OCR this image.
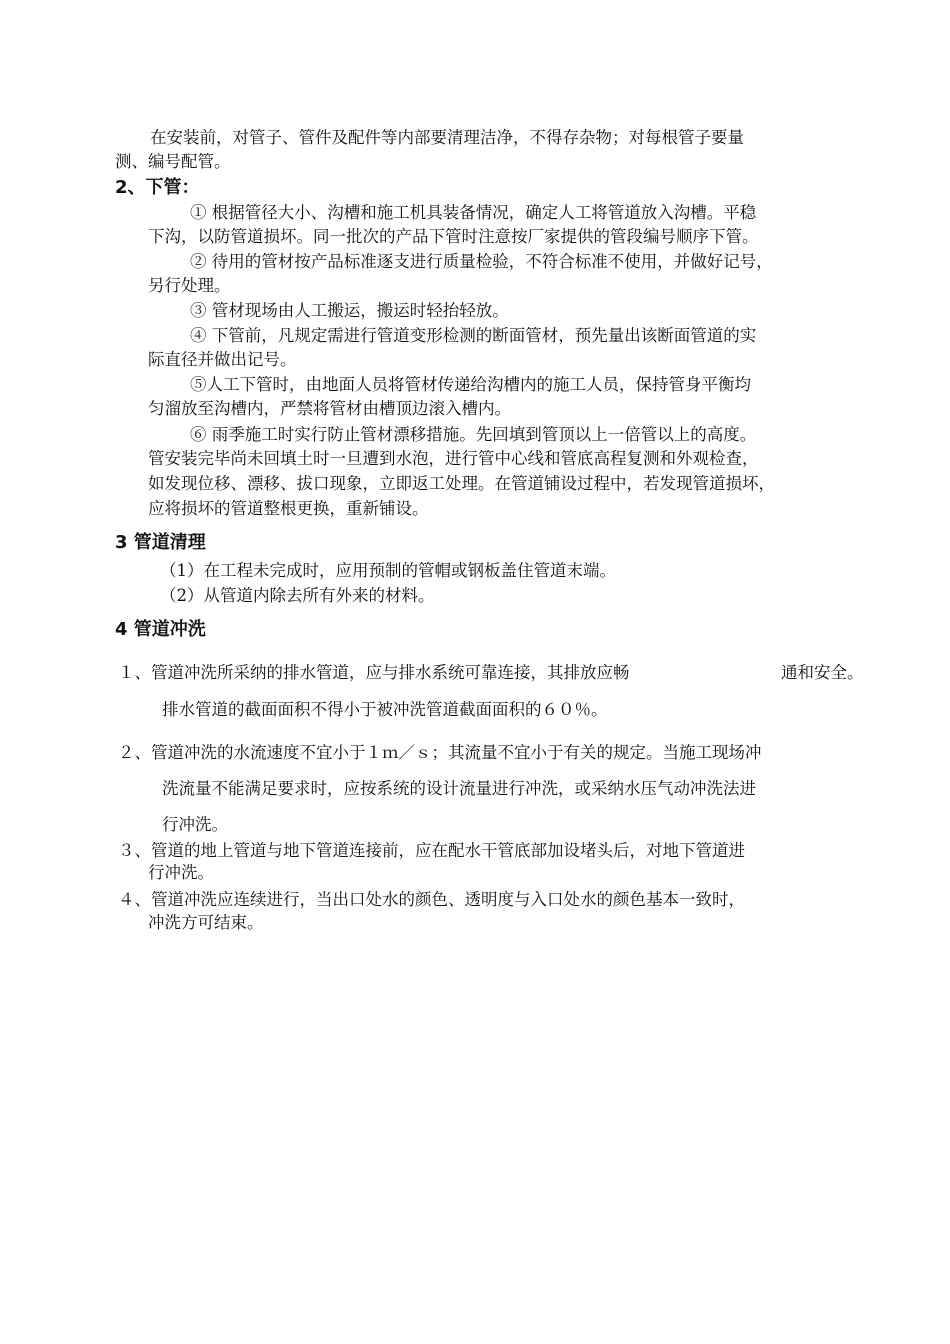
在安装前，对管子、管件及配件等内部要清理洁净，不得存杂物；对每根管子要量
测、编号配管。
2、下管：
① 根据管径大小、沟槽和施工机具装备情况，确定人工将管道放入沟槽。平稳
下沟，以防管道损坏。同一批次的产品下管时注意按厂家提供的管段编号顺序下管。
② 待用的管材按产品标准逐支进行质量检验，不符合标准不使用，并做好记号，
另行处理。
③ 管材现场由人工搬运，搬运时轻抬轻放。
④ 下管前，凡规定需进行管道变形检测的断面管材，预先量出该断面管道的实
际直径并做出记号。
⑤人工下管时，由地面人员将管材传递给沟槽内的施工人员，保持管身平衡均
匀溜放至沟槽内，严禁将管材由槽顶边滚入槽内。
⑥ 雨季施工时实行防止管材漂移措施。先回填到管顶以上一倍管以上的高度。
管安装完毕尚未回填土时一旦遭到水泡，进行管中心线和管底高程复测和外观检查，
如发现位移、漂移、拔口现象，立即返工处理。在管道铺设过程中，若发现管道损坏，
应将损坏的管道整根更换，重新铺设。
3 管道清理
（1）在工程未完成时，应用预制的管帽或钢板盖住管道末端。
（2）从管道内除去所有外来的材料。
4 管道冲洗
１、管道冲洗所采纳的排水管道，应与排水系统可靠连接，其排放应畅	通和安全。
排水管道的截面面积不得小于被冲洗管道截面面积的６０％。
２、管道冲洗的水流速度不宜小于１ｍ／ｓ；其流量不宜小于有关的规定。当施工现场冲
洗流量不能满足要求时，应按系统的设计流量进行冲洗，或采纳水压气动冲洗法进
行冲洗。
３、管道的地上管道与地下管道连接前，应在配水干管底部加设堵头后，对地下管道进
行冲洗。
４、管道冲洗应连续进行，当出口处水的颜色、透明度与入口处水的颜色基本一致时，
冲洗方可结束。
